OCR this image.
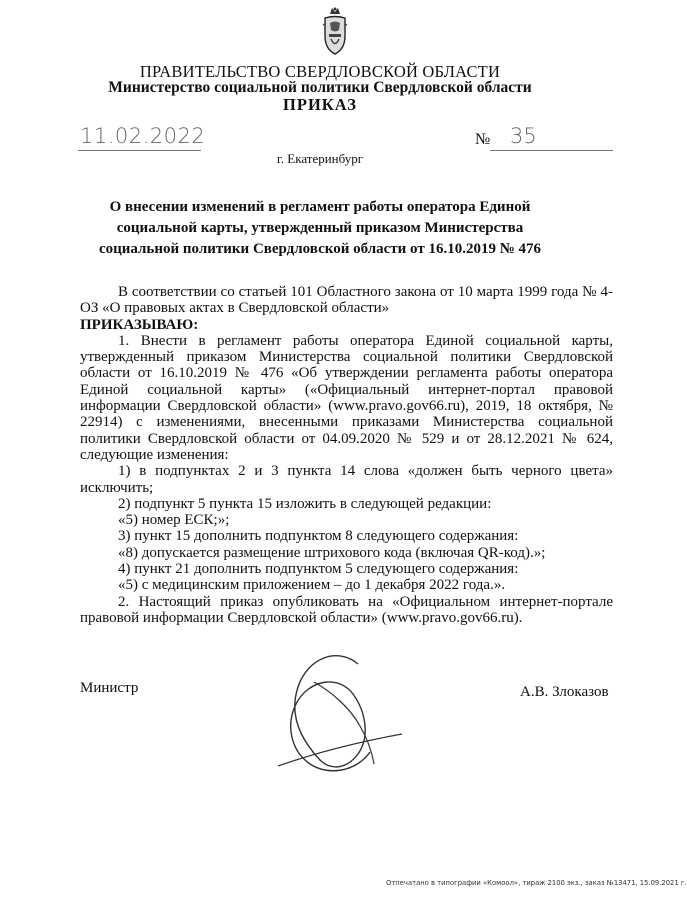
ПРАВИТЕЛЬСТВО СВЕРДЛОВСКОЙ ОБЛАСТИ
Министерство социальной политики Свердловской области
ПРИКАЗ
11.02.2022	№ 35
г. Екатеринбург
О внесении изменений в регламент работы оператора Единой социальной карты, утвержденный приказом Министерства социальной политики Свердловской области от 16.10.2019 № 476
В соответствии со статьей 101 Областного закона от 10 марта 1999 года № 4-ОЗ «О правовых актах в Свердловской области»
ПРИКАЗЫВАЮ:
1. Внести в регламент работы оператора Единой социальной карты, утвержденный приказом Министерства социальной политики Свердловской области от 16.10.2019 № 476 «Об утверждении регламента работы оператора Единой социальной карты» («Официальный интернет-портал правовой информации Свердловской области» (www.pravo.gov66.ru), 2019, 18 октября, № 22914) с изменениями, внесенными приказами Министерства социальной политики Свердловской области от 04.09.2020 № 529 и от 28.12.2021 № 624, следующие изменения:
1) в подпунктах 2 и 3 пункта 14 слова «должен быть черного цвета» исключить;
2) подпункт 5 пункта 15 изложить в следующей редакции:
«5) номер ЕСК;»;
3) пункт 15 дополнить подпунктом 8 следующего содержания:
«8) допускается размещение штрихового кода (включая QR-код).»;
4) пункт 21 дополнить подпунктом 5 следующего содержания:
«5) с медицинским приложением – до 1 декабря 2022 года.».
2. Настоящий приказ опубликовать на «Официальном интернет-портале правовой информации Свердловской области» (www.pravo.gov66.ru).
Министр	А.В. Злоказов
Отпечатано в типографии «Комоол», тираж 2100 экз., заказ №13471, 15.09.2021 г.
